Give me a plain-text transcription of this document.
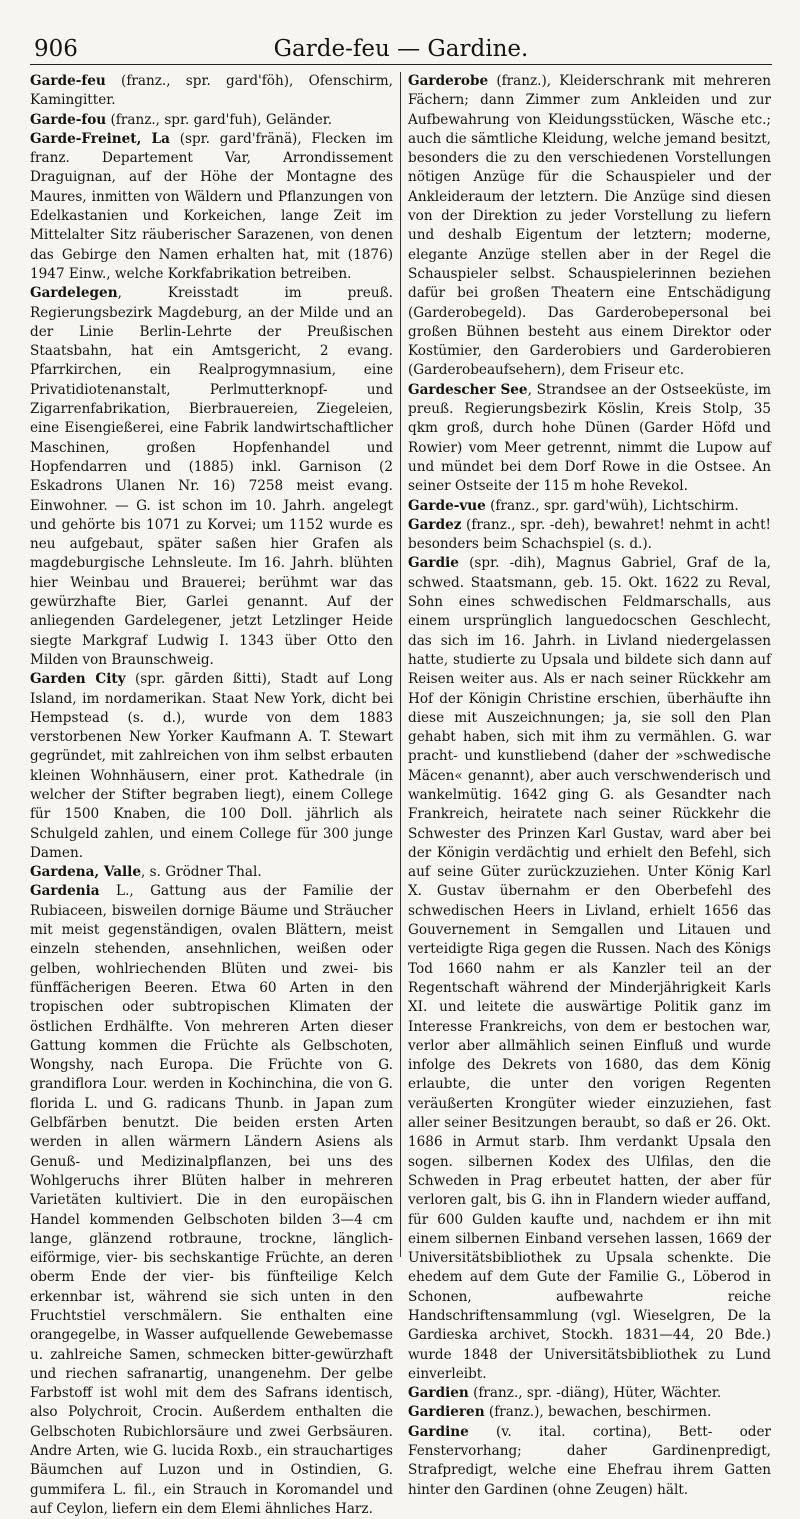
906	Garde-feu — Gardine.

Garde-feu (franz., spr. gard'föh), Ofenschirm, Kamingitter.

Garde-fou (franz., spr. gard'fuh), Geländer.

Garde-Freinet, La (spr. gard'fränä), Flecken im franz. Departement Var, Arrondissement Draguignan, auf der Höhe der Montagne des Maures, inmitten von Wäldern und Pflanzungen von Edelkastanien und Korkeichen, lange Zeit im Mittelalter Sitz räuberischer Sarazenen, von denen das Gebirge den Namen erhalten hat, mit (1876) 1947 Einw., welche Korkfabrikation betreiben.

Gardelegen, Kreisstadt im preuß. Regierungsbezirk Magdeburg, an der Milde und an der Linie Berlin-Lehrte der Preußischen Staatsbahn, hat ein Amtsgericht, 2 evang. Pfarrkirchen, ein Realprogymnasium, eine Privatidiotenanstalt, Perlmutterknopf- und Zigarrenfabrikation, Bierbrauereien, Ziegeleien, eine Eisengießerei, eine Fabrik landwirtschaftlicher Maschinen, großen Hopfenhandel und Hopfendarren und (1885) inkl. Garnison (2 Eskadrons Ulanen Nr. 16) 7258 meist evang. Einwohner. — G. ist schon im 10. Jahrh. angelegt und gehörte bis 1071 zu Korvei; um 1152 wurde es neu aufgebaut, später saßen hier Grafen als magdeburgische Lehnsleute. Im 16. Jahrh. blühten hier Weinbau und Brauerei; berühmt war das gewürzhafte Bier, Garlei genannt. Auf der anliegenden Gardelegener, jetzt Letzlinger Heide siegte Markgraf Ludwig I. 1343 über Otto den Milden von Braunschweig.

Garden City (spr. gārden ßitti), Stadt auf Long Island, im nordamerikan. Staat New York, dicht bei Hempstead (s. d.), wurde von dem 1883 verstorbenen New Yorker Kaufmann A. T. Stewart gegründet, mit zahlreichen von ihm selbst erbauten kleinen Wohnhäusern, einer prot. Kathedrale (in welcher der Stifter begraben liegt), einem College für 1500 Knaben, die 100 Doll. jährlich als Schulgeld zahlen, und einem College für 300 junge Damen.

Gardena, Valle, s. Grödner Thal.

Gardenia L., Gattung aus der Familie der Rubiaceen, bisweilen dornige Bäume und Sträucher mit meist gegenständigen, ovalen Blättern, meist einzeln stehenden, ansehnlichen, weißen oder gelben, wohlriechenden Blüten und zwei- bis fünffächerigen Beeren. Etwa 60 Arten in den tropischen oder subtropischen Klimaten der östlichen Erdhälfte. Von mehreren Arten dieser Gattung kommen die Früchte als Gelbschoten, Wongshy, nach Europa. Die Früchte von G. grandiflora Lour. werden in Kochinchina, die von G. florida L. und G. radicans Thunb. in Japan zum Gelbfärben benutzt. Die beiden ersten Arten werden in allen wärmern Ländern Asiens als Genuß- und Medizinalpflanzen, bei uns des Wohlgeruchs ihrer Blüten halber in mehreren Varietäten kultiviert. Die in den europäischen Handel kommenden Gelbschoten bilden 3—4 cm lange, glänzend rotbraune, trockne, länglich-eiförmige, vier- bis sechskantige Früchte, an deren oberm Ende der vier- bis fünfteilige Kelch erkennbar ist, während sie sich unten in den Fruchtstiel verschmälern. Sie enthalten eine orangegelbe, in Wasser aufquellende Gewebemasse u. zahlreiche Samen, schmecken bitter-gewürzhaft und riechen safranartig, unangenehm. Der gelbe Farbstoff ist wohl mit dem des Safrans identisch, also Polychroit, Crocin. Außerdem enthalten die Gelbschoten Rubichlorsäure und zwei Gerbsäuren. Andre Arten, wie G. lucida Roxb., ein strauchartiges Bäumchen auf Luzon und in Ostindien, G. gummifera L. fil., ein Strauch in Koromandel und auf Ceylon, liefern ein dem Elemi ähnliches Harz.

Garderobe (franz.), Kleiderschrank mit mehreren Fächern; dann Zimmer zum Ankleiden und zur Aufbewahrung von Kleidungsstücken, Wäsche etc.; auch die sämtliche Kleidung, welche jemand besitzt, besonders die zu den verschiedenen Vorstellungen nötigen Anzüge für die Schauspieler und der Ankleideraum der letztern. Die Anzüge sind diesen von der Direktion zu jeder Vorstellung zu liefern und deshalb Eigentum der letztern; moderne, elegante Anzüge stellen aber in der Regel die Schauspieler selbst. Schauspielerinnen beziehen dafür bei großen Theatern eine Entschädigung (Garderobegeld). Das Garderobepersonal bei großen Bühnen besteht aus einem Direktor oder Kostümier, den Garderobiers und Garderobieren (Garderobeaufsehern), dem Friseur etc.

Gardescher See, Strandsee an der Ostseeküste, im preuß. Regierungsbezirk Köslin, Kreis Stolp, 35 qkm groß, durch hohe Dünen (Garder Höfd und Rowier) vom Meer getrennt, nimmt die Lupow auf und mündet bei dem Dorf Rowe in die Ostsee. An seiner Ostseite der 115 m hohe Revekol.

Garde-vue (franz., spr. gard'wüh), Lichtschirm.

Gardez (franz., spr. -deh), bewahret! nehmt in acht! besonders beim Schachspiel (s. d.).

Gardie (spr. -dih), Magnus Gabriel, Graf de la, schwed. Staatsmann, geb. 15. Okt. 1622 zu Reval, Sohn eines schwedischen Feldmarschalls, aus einem ursprünglich languedocschen Geschlecht, das sich im 16. Jahrh. in Livland niedergelassen hatte, studierte zu Upsala und bildete sich dann auf Reisen weiter aus. Als er nach seiner Rückkehr am Hof der Königin Christine erschien, überhäufte ihn diese mit Auszeichnungen; ja, sie soll den Plan gehabt haben, sich mit ihm zu vermählen. G. war pracht- und kunstliebend (daher der »schwedische Mäcen« genannt), aber auch verschwenderisch und wankelmütig. 1642 ging G. als Gesandter nach Frankreich, heiratete nach seiner Rückkehr die Schwester des Prinzen Karl Gustav, ward aber bei der Königin verdächtig und erhielt den Befehl, sich auf seine Güter zurückzuziehen. Unter König Karl X. Gustav übernahm er den Oberbefehl des schwedischen Heers in Livland, erhielt 1656 das Gouvernement in Semgallen und Litauen und verteidigte Riga gegen die Russen. Nach des Königs Tod 1660 nahm er als Kanzler teil an der Regentschaft während der Minderjährigkeit Karls XI. und leitete die auswärtige Politik ganz im Interesse Frankreichs, von dem er bestochen war, verlor aber allmählich seinen Einfluß und wurde infolge des Dekrets von 1680, das dem König erlaubte, die unter den vorigen Regenten veräußerten Krongüter wieder einzuziehen, fast aller seiner Besitzungen beraubt, so daß er 26. Okt. 1686 in Armut starb. Ihm verdankt Upsala den sogen. silbernen Kodex des Ulfilas, den die Schweden in Prag erbeutet hatten, der aber für verloren galt, bis G. ihn in Flandern wieder auffand, für 600 Gulden kaufte und, nachdem er ihn mit einem silbernen Einband versehen lassen, 1669 der Universitätsbibliothek zu Upsala schenkte. Die ehedem auf dem Gute der Familie G., Löberod in Schonen, aufbewahrte reiche Handschriftensammlung (vgl. Wieselgren, De la Gardieska archivet, Stockh. 1831—44, 20 Bde.) wurde 1848 der Universitätsbibliothek zu Lund einverleibt.

Gardien (franz., spr. -diäng), Hüter, Wächter.

Gardieren (franz.), bewachen, beschirmen.

Gardine (v. ital. cortina), Bett- oder Fenstervorhang; daher Gardinenpredigt, Strafpredigt, welche eine Ehefrau ihrem Gatten hinter den Gardinen (ohne Zeugen) hält.
